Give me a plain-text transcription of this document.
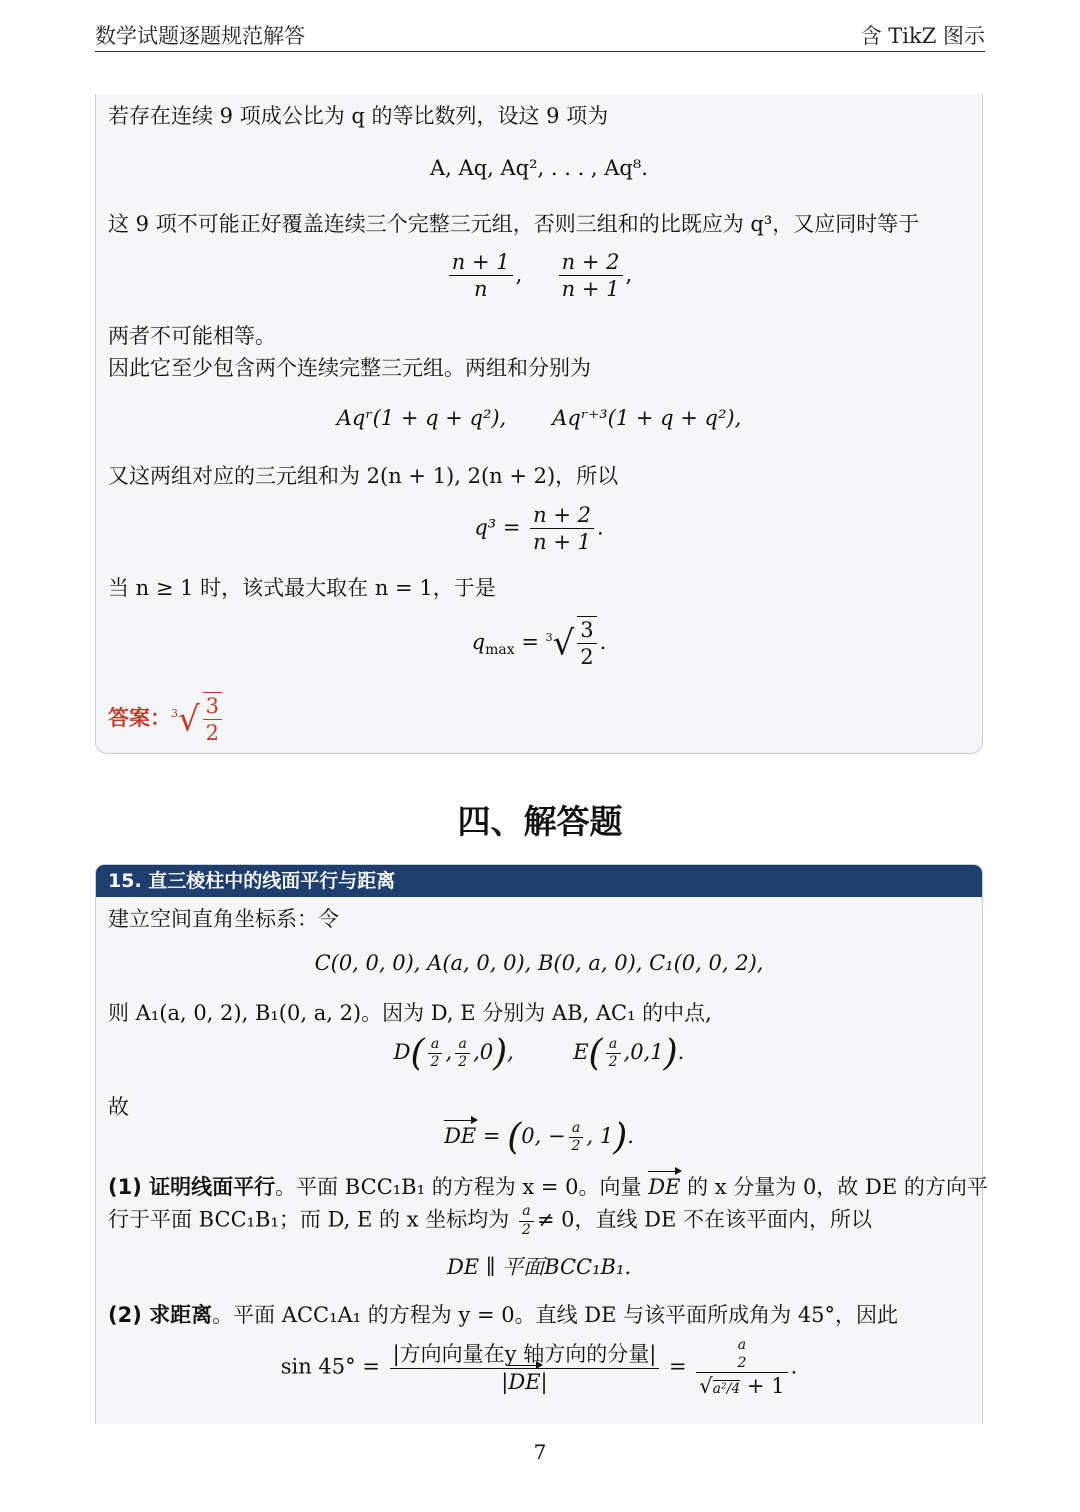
数学试题逐题规范解答	含 TikZ 图示
若存在连续 9 项成公比为 q 的等比数列，设这 9 项为
A, Aq, Aq², . . . , Aq⁸.
这 9 项不可能正好覆盖连续三个完整三元组，否则三组和的比既应为 q³，又应同时等于
$\frac{n + 1}{n}$ , $\frac{n + 2}{n + 1}$ ,
两者不可能相等。
因此它至少包含两个连续完整三元组。两组和分别为
Aqʳ(1 + q + q²), Aqʳ⁺³(1 + q + q²),
又这两组对应的三元组和为 2(n + 1), 2(n + 2)，所以
$q^3 = \frac{n + 2}{n + 1}$ .
当 n ≥ 1 时，该式最大取在 n = 1，于是
$q_{max} = ^3√ \frac{3}{2}$ .
答案：$^3√ \frac{3}{2}$
四、解答题
15. 直三棱柱中的线面平行与距离
建立空间直角坐标系：令
C(0, 0, 0), A(a, 0, 0), B(0, a, 0), C₁(0, 0, 2),
则 A₁(a, 0, 2), B₁(0, a, 2)。因为 D, E 分别为 AB, AC₁ 的中点,
$D( \frac{a}{2}$ , $\frac{a}{2} ,0$),  $E( \frac{a}{2} ,0,1)$.
故
DE = (0, − $\frac{a}{2}$ , 1).
(1) 证明线面平行。平面 BCC₁B₁ 的方程为 x = 0。向量 DE 的 x 分量为 0，故 DE 的方向平
行于平面 BCC₁B₁；而 D, E 的 x 坐标均为 $\frac{a}{2} \ne 0$，直线 DE 不在该平面内，所以
DE ∥ 平面BCC₁B₁.
(2) 求距离。平面 ACC₁A₁ 的方程为 y = 0。直线 DE 与该平面所成角为 45°，因此
$\sin 45^\circ = \frac{\text{|方向向量在y 轴方向的分量|}}{|DE|}$ =
a
2
√a²/4 + 1
.
7
